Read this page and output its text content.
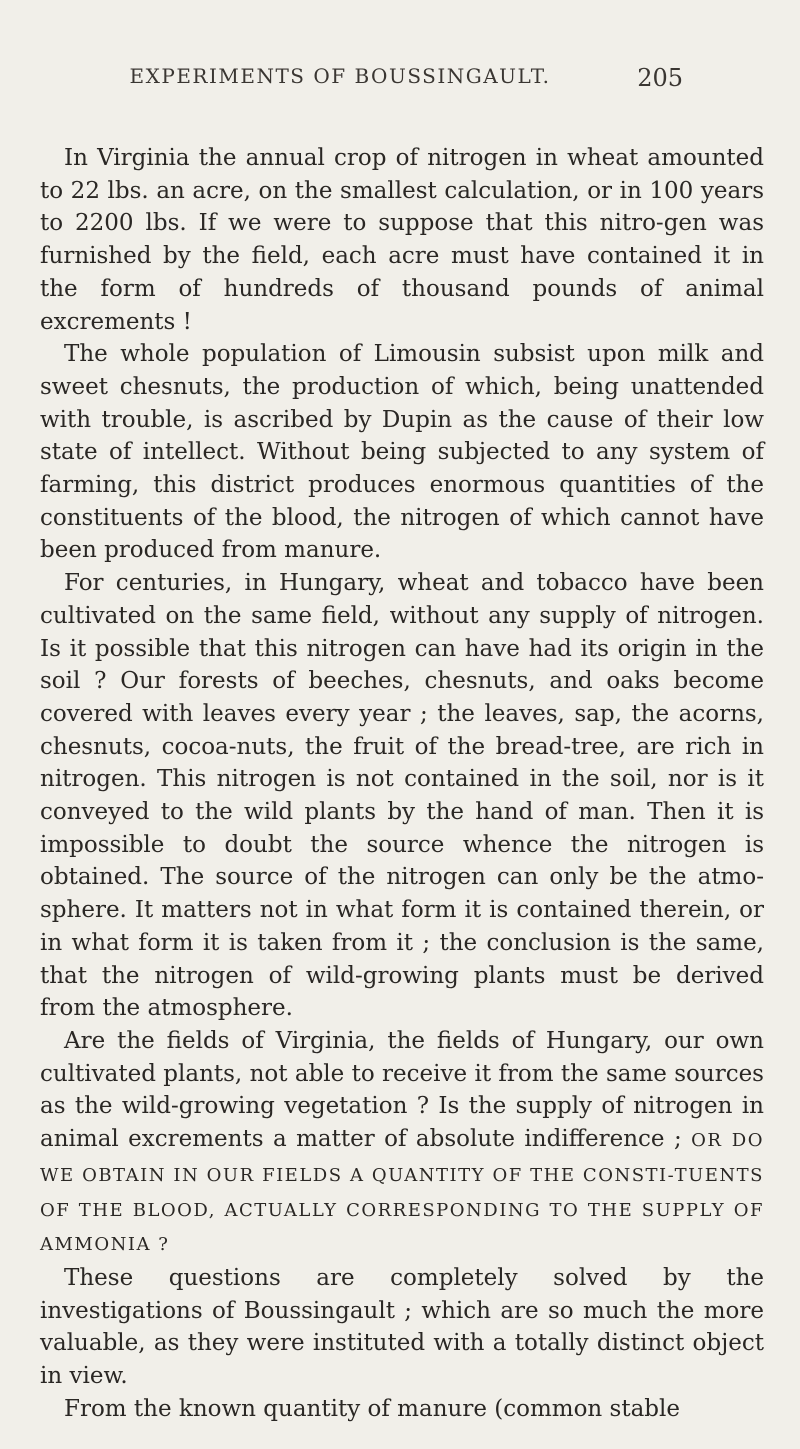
EXPERIMENTS OF BOUSSINGAULT.	205

In Virginia the annual crop of nitrogen in wheat amounted to 22 lbs. an acre, on the smallest calculation, or in 100 years to 2200 lbs. If we were to suppose that this nitro-gen was furnished by the field, each acre must have contained it in the form of hundreds of thousand pounds of animal excrements !

The whole population of Limousin subsist upon milk and sweet chesnuts, the production of which, being unattended with trouble, is ascribed by Dupin as the cause of their low state of intellect. Without being subjected to any system of farming, this district produces enormous quantities of the constituents of the blood, the nitrogen of which cannot have been produced from manure.

For centuries, in Hungary, wheat and tobacco have been cultivated on the same field, without any supply of nitrogen. Is it possible that this nitrogen can have had its origin in the soil ? Our forests of beeches, chesnuts, and oaks become covered with leaves every year ; the leaves, sap, the acorns, chesnuts, cocoa-nuts, the fruit of the bread-tree, are rich in nitrogen. This nitrogen is not contained in the soil, nor is it conveyed to the wild plants by the hand of man. Then it is impossible to doubt the source whence the nitrogen is obtained. The source of the nitrogen can only be the atmo-sphere. It matters not in what form it is contained therein, or in what form it is taken from it ; the conclusion is the same, that the nitrogen of wild-growing plants must be derived from the atmosphere.

Are the fields of Virginia, the fields of Hungary, our own cultivated plants, not able to receive it from the same sources as the wild-growing vegetation ? Is the supply of nitrogen in animal excrements a matter of absolute indifference ; OR DO WE OBTAIN IN OUR FIELDS A QUANTITY OF THE CONSTI-TUENTS OF THE BLOOD, ACTUALLY CORRESPONDING TO THE SUPPLY OF AMMONIA ?

These questions are completely solved by the investigations of Boussingault ; which are so much the more valuable, as they were instituted with a totally distinct object in view.

From the known quantity of manure (common stable
